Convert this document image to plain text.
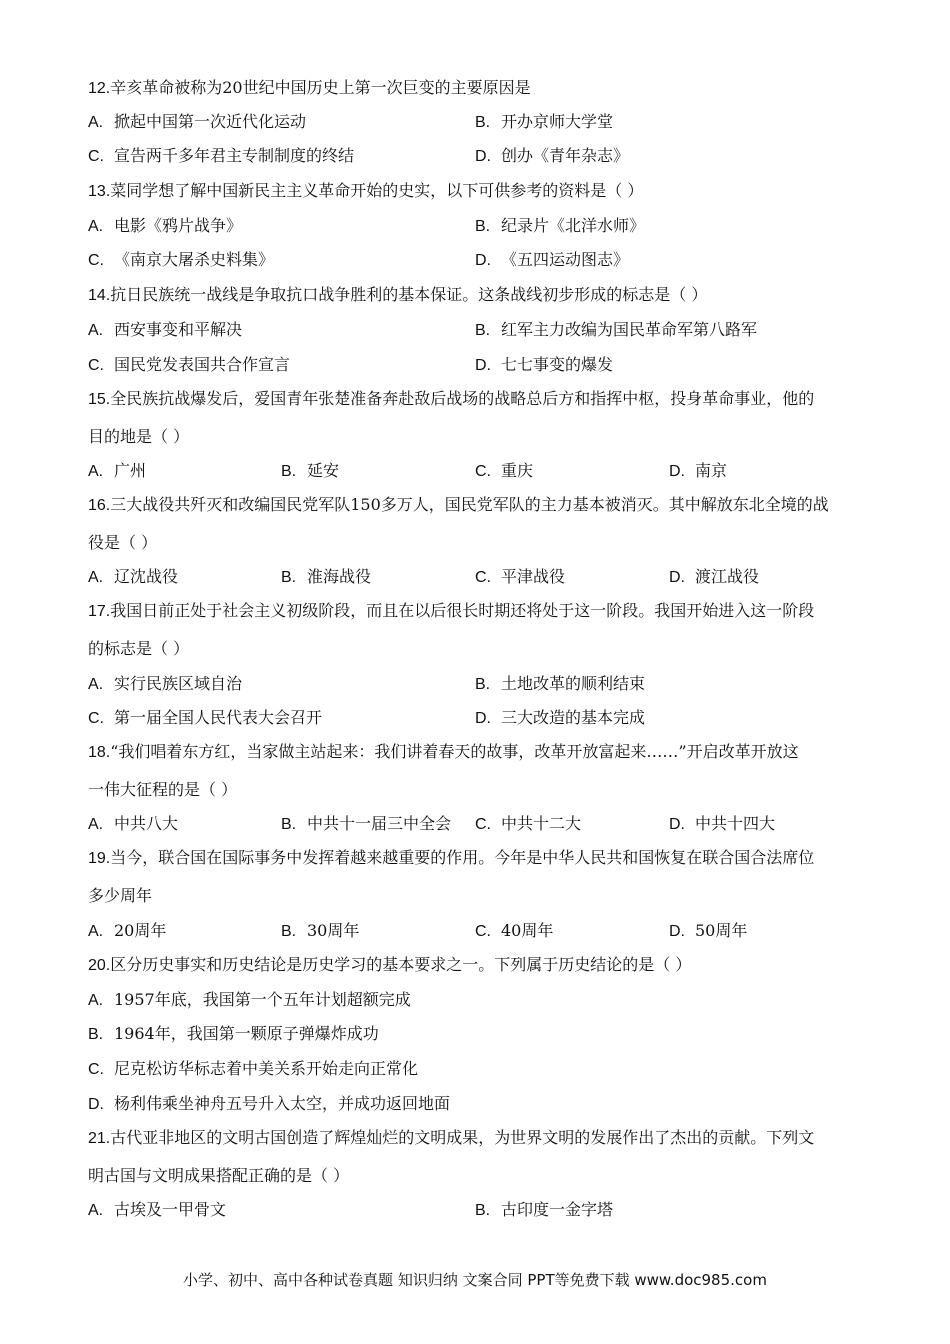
12.辛亥革命被称为20世纪中国历史上第一次巨变的主要原因是
A. 掀起中国第一次近代化运动	B. 开办京师大学堂
C. 宣告两千多年君主专制制度的终结	D. 创办《青年杂志》
13.菜同学想了解中国新民主主义革命开始的史实，以下可供参考的资料是（ ）
A. 电影《鸦片战争》	B. 纪录片《北洋水师》
C. 《南京大屠杀史料集》	D. 《五四运动图志》
14.抗日民族统一战线是争取抗口战争胜利的基本保证。这条战线初步形成的标志是（ ）
A. 西安事变和平解决	B. 红军主力改编为国民革命军第八路军
C. 国民党发表国共合作宣言	D. 七七事变的爆发
15.全民族抗战爆发后，爱国青年张楚准备奔赴敌后战场的战略总后方和指挥中枢，投身革命事业，他的
目的地是（ ）
A. 广州	B. 延安	C. 重庆	D. 南京
16.三大战役共歼灭和改编国民党军队150多万人，国民党军队的主力基本被消灭。其中解放东北全境的战
役是（ ）
A. 辽沈战役	B. 淮海战役	C. 平津战役	D. 渡江战役
17.我国日前正处于社会主义初级阶段，而且在以后很长时期还将处于这一阶段。我国开始进入这一阶段
的标志是（ ）
A. 实行民族区域自治	B. 土地改革的顺利结束
C. 第一届全国人民代表大会召开	D. 三大改造的基本完成
18.“我们唱着东方红，当家做主站起来：我们讲着春天的故事，改革开放富起来……”开启改革开放这
一伟大征程的是（ ）
A. 中共八大	B. 中共十一届三中全会 C. 中共十二大	D. 中共十四大
19.当今，联合国在国际事务中发挥着越来越重要的作用。今年是中华人民共和国恢复在联合国合法席位
多少周年
A. 20周年	B. 30周年	C. 40周年	D. 50周年
20.区分历史事实和历史结论是历史学习的基本要求之一。下列属于历史结论的是（ ）
A. 1957年底，我国第一个五年计划超额完成
B. 1964年，我国第一颗原子弹爆炸成功
C. 尼克松访华标志着中美关系开始走向正常化
D. 杨利伟乘坐神舟五号升入太空，并成功返回地面
21.古代亚非地区的文明古国创造了辉煌灿烂的文明成果，为世界文明的发展作出了杰出的贡献。下列文
明古国与文明成果搭配正确的是（ ）
A. 古埃及一甲骨文	B. 古印度一金字塔
小学、初中、高中各种试卷真题 知识归纳 文案合同 PPT等免费下载 www.doc985.com
